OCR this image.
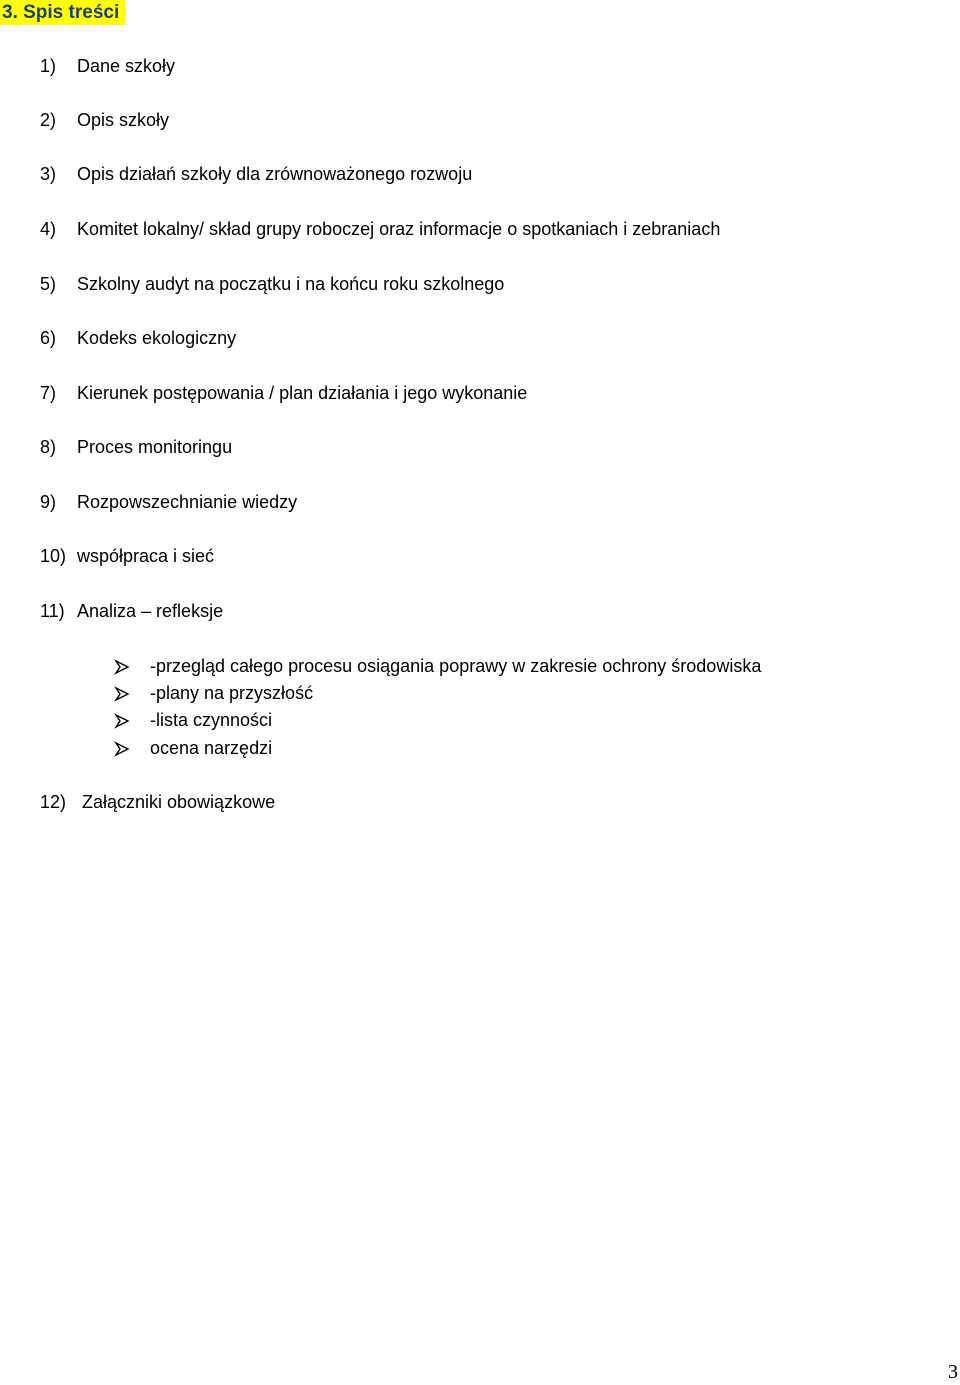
3. Spis treści
1) Dane szkoły
2) Opis szkoły
3) Opis działań szkoły dla zrównoważonego rozwoju
4) Komitet lokalny/ skład grupy roboczej oraz informacje o spotkaniach i zebraniach
5) Szkolny audyt na początku i na końcu roku szkolnego
6) Kodeks ekologiczny
7) Kierunek postępowania / plan działania i jego wykonanie
8) Proces monitoringu
9) Rozpowszechnianie wiedzy
10) współpraca i sieć
11) Analiza – refleksje
-przegląd całego procesu osiągania poprawy w zakresie ochrony środowiska
-plany na przyszłość
-lista czynności
ocena narzędzi
12) Załączniki obowiązkowe
3
